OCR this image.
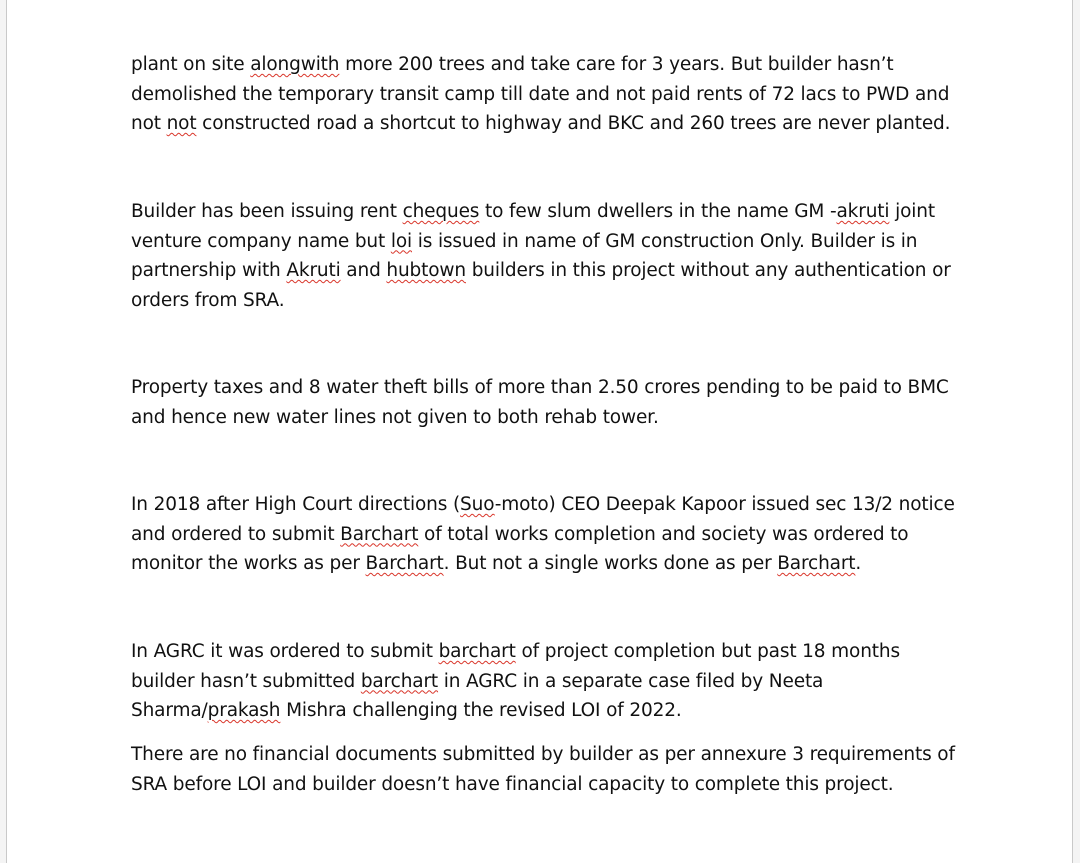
plant on site alongwith more 200 trees and take care for 3 years. But builder hasn’t demolished the temporary transit camp till date and not paid rents of 72 lacs to PWD and not not constructed road a shortcut to highway and BKC and 260 trees are never planted.

Builder has been issuing rent cheques to few slum dwellers in the name GM -akruti joint venture company name but loi is issued in name of GM construction Only. Builder is in partnership with Akruti and hubtown builders in this project without any authentication or orders from SRA.

Property taxes and 8 water theft bills of more than 2.50 crores pending to be paid to BMC and hence new water lines not given to both rehab tower.

In 2018 after High Court directions (Suo-moto) CEO Deepak Kapoor issued sec 13/2 notice and ordered to submit Barchart of total works completion and society was ordered to monitor the works as per Barchart. But not a single works done as per Barchart.

In AGRC it was ordered to submit barchart of project completion but past 18 months builder hasn’t submitted barchart in AGRC in a separate case filed by Neeta Sharma/prakash Mishra challenging the revised LOI of 2022.

There are no financial documents submitted by builder as per annexure 3 requirements of SRA before LOI and builder doesn’t have financial capacity to complete this project.
